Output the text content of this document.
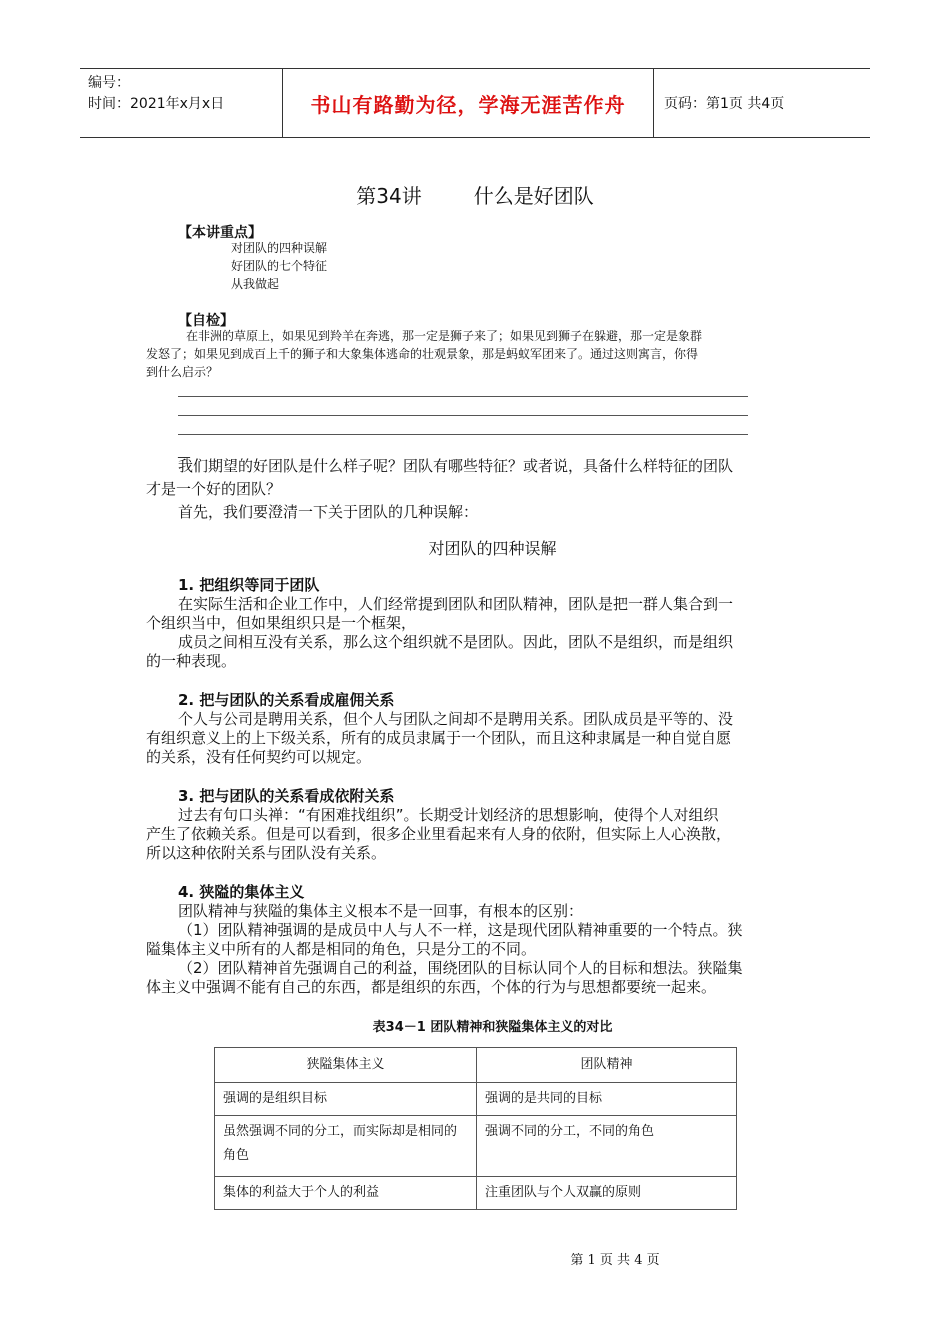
编号：
时间：2021年x月x日	书山有路勤为径，学海无涯苦作舟	页码：第1页 共4页
第34讲	什么是好团队
【本讲重点】
对团队的四种误解
好团队的七个特征
从我做起
【自检】
在非洲的草原上，如果见到羚羊在奔逃，那一定是狮子来了；如果见到狮子在躲避，那一定是象群
发怒了；如果见到成百上千的狮子和大象集体逃命的壮观景象，那是蚂蚁军团来了。通过这则寓言，你得
到什么启示？
__
我们期望的好团队是什么样子呢？团队有哪些特征？或者说，具备什么样特征的团队
才是一个好的团队？
首先，我们要澄清一下关于团队的几种误解：
对团队的四种误解
1. 把组织等同于团队
在实际生活和企业工作中，人们经常提到团队和团队精神，团队是把一群人集合到一
个组织当中，但如果组织只是一个框架，
成员之间相互没有关系，那么这个组织就不是团队。因此，团队不是组织，而是组织
的一种表现。
2. 把与团队的关系看成雇佣关系
个人与公司是聘用关系，但个人与团队之间却不是聘用关系。团队成员是平等的、没
有组织意义上的上下级关系，所有的成员隶属于一个团队，而且这种隶属是一种自觉自愿
的关系，没有任何契约可以规定。
3. 把与团队的关系看成依附关系
过去有句口头禅：“有困难找组织”。长期受计划经济的思想影响，使得个人对组织
产生了依赖关系。但是可以看到，很多企业里看起来有人身的依附，但实际上人心涣散，
所以这种依附关系与团队没有关系。
4. 狭隘的集体主义
团队精神与狭隘的集体主义根本不是一回事，有根本的区别：
（1）团队精神强调的是成员中人与人不一样，这是现代团队精神重要的一个特点。狭
隘集体主义中所有的人都是相同的角色，只是分工的不同。
（2）团队精神首先强调自己的利益，围绕团队的目标认同个人的目标和想法。狭隘集
体主义中强调不能有自己的东西，都是组织的东西，个体的行为与思想都要统一起来。
表34－1 团队精神和狭隘集体主义的对比
狭隘集体主义	团队精神
强调的是组织目标	强调的是共同的目标
虽然强调不同的分工，而实际却是相同的角色	强调不同的分工，不同的角色
集体的利益大于个人的利益	注重团队与个人双赢的原则
第 1 页 共 4 页
